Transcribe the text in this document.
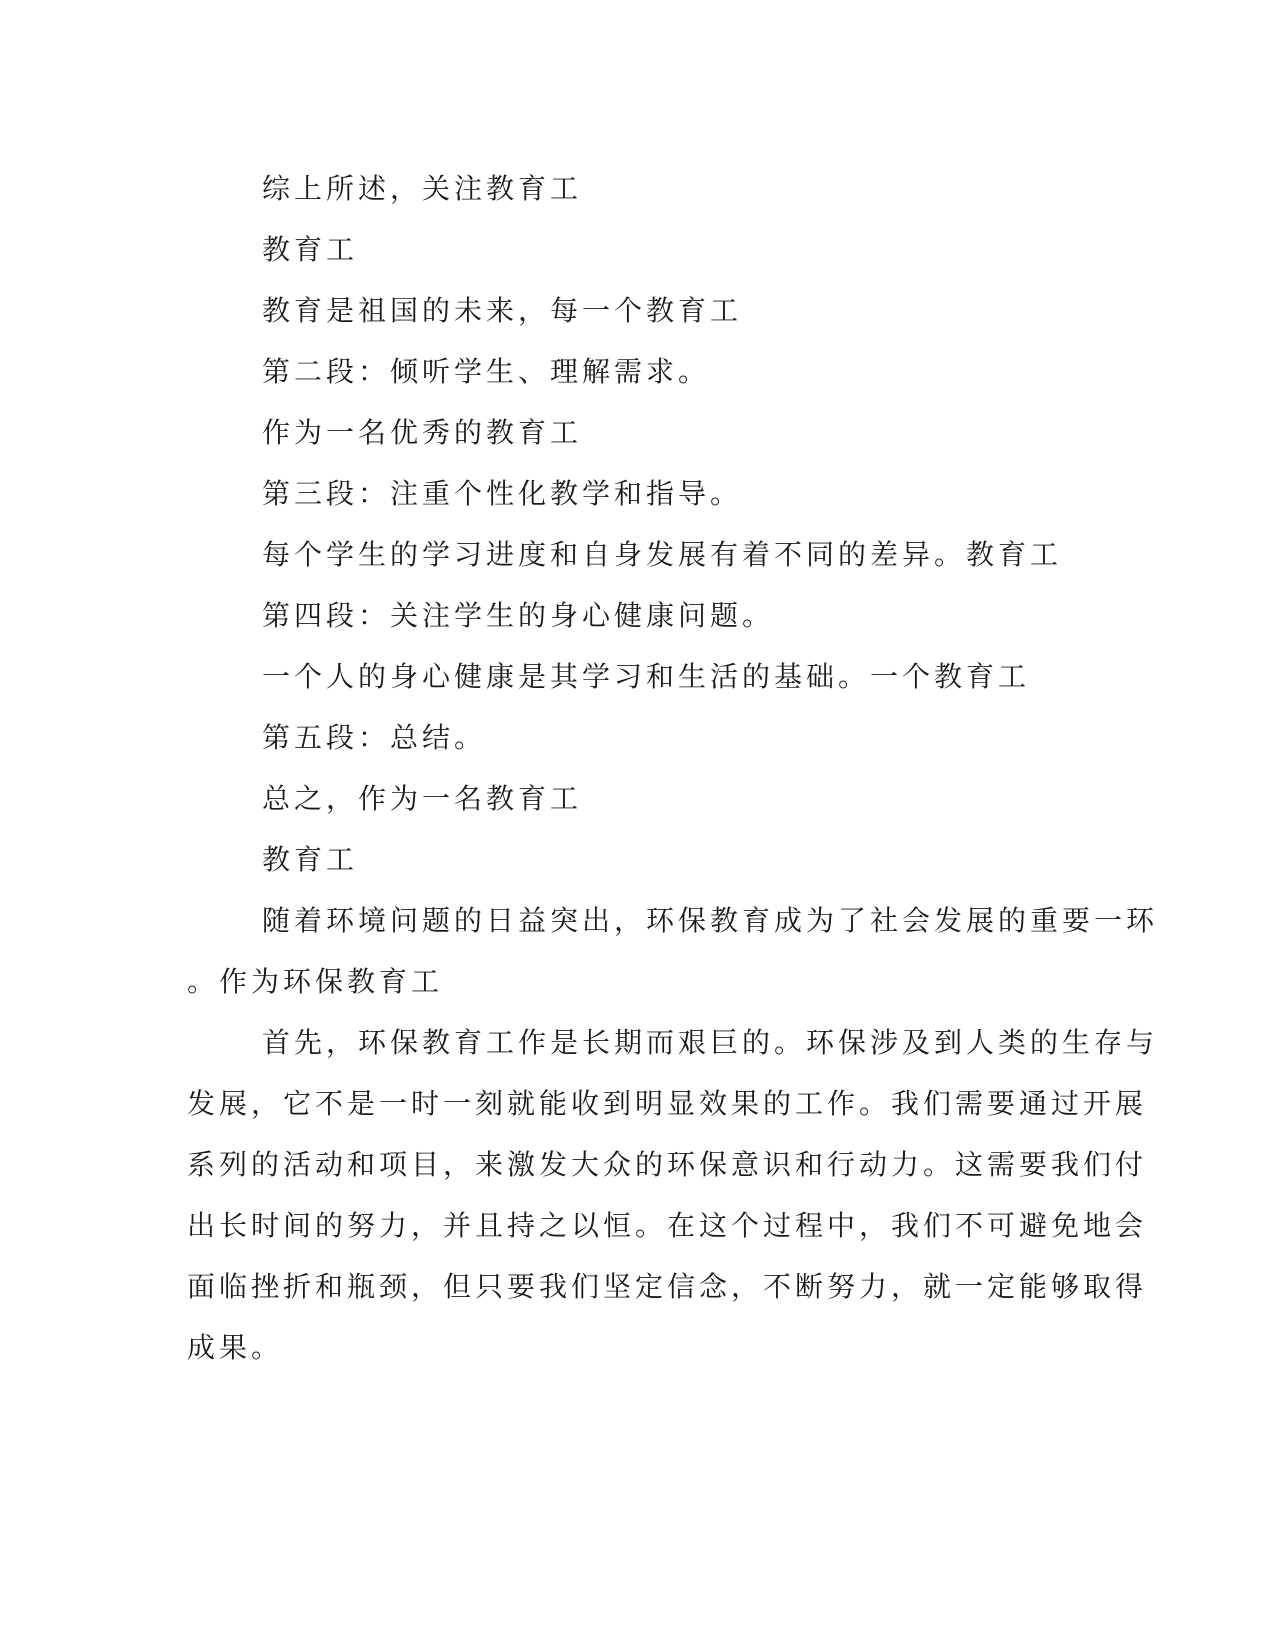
综上所述，关注教育工
教育工
教育是祖国的未来，每一个教育工
第二段：倾听学生、理解需求。
作为一名优秀的教育工
第三段：注重个性化教学和指导。
每个学生的学习进度和自身发展有着不同的差异。教育工
第四段：关注学生的身心健康问题。
一个人的身心健康是其学习和生活的基础。一个教育工
第五段：总结。
总之，作为一名教育工
教育工
随着环境问题的日益突出，环保教育成为了社会发展的重要一环
。作为环保教育工
首先，环保教育工作是长期而艰巨的。环保涉及到人类的生存与
发展，它不是一时一刻就能收到明显效果的工作。我们需要通过开展
系列的活动和项目，来激发大众的环保意识和行动力。这需要我们付
出长时间的努力，并且持之以恒。在这个过程中，我们不可避免地会
面临挫折和瓶颈，但只要我们坚定信念，不断努力，就一定能够取得
成果。
